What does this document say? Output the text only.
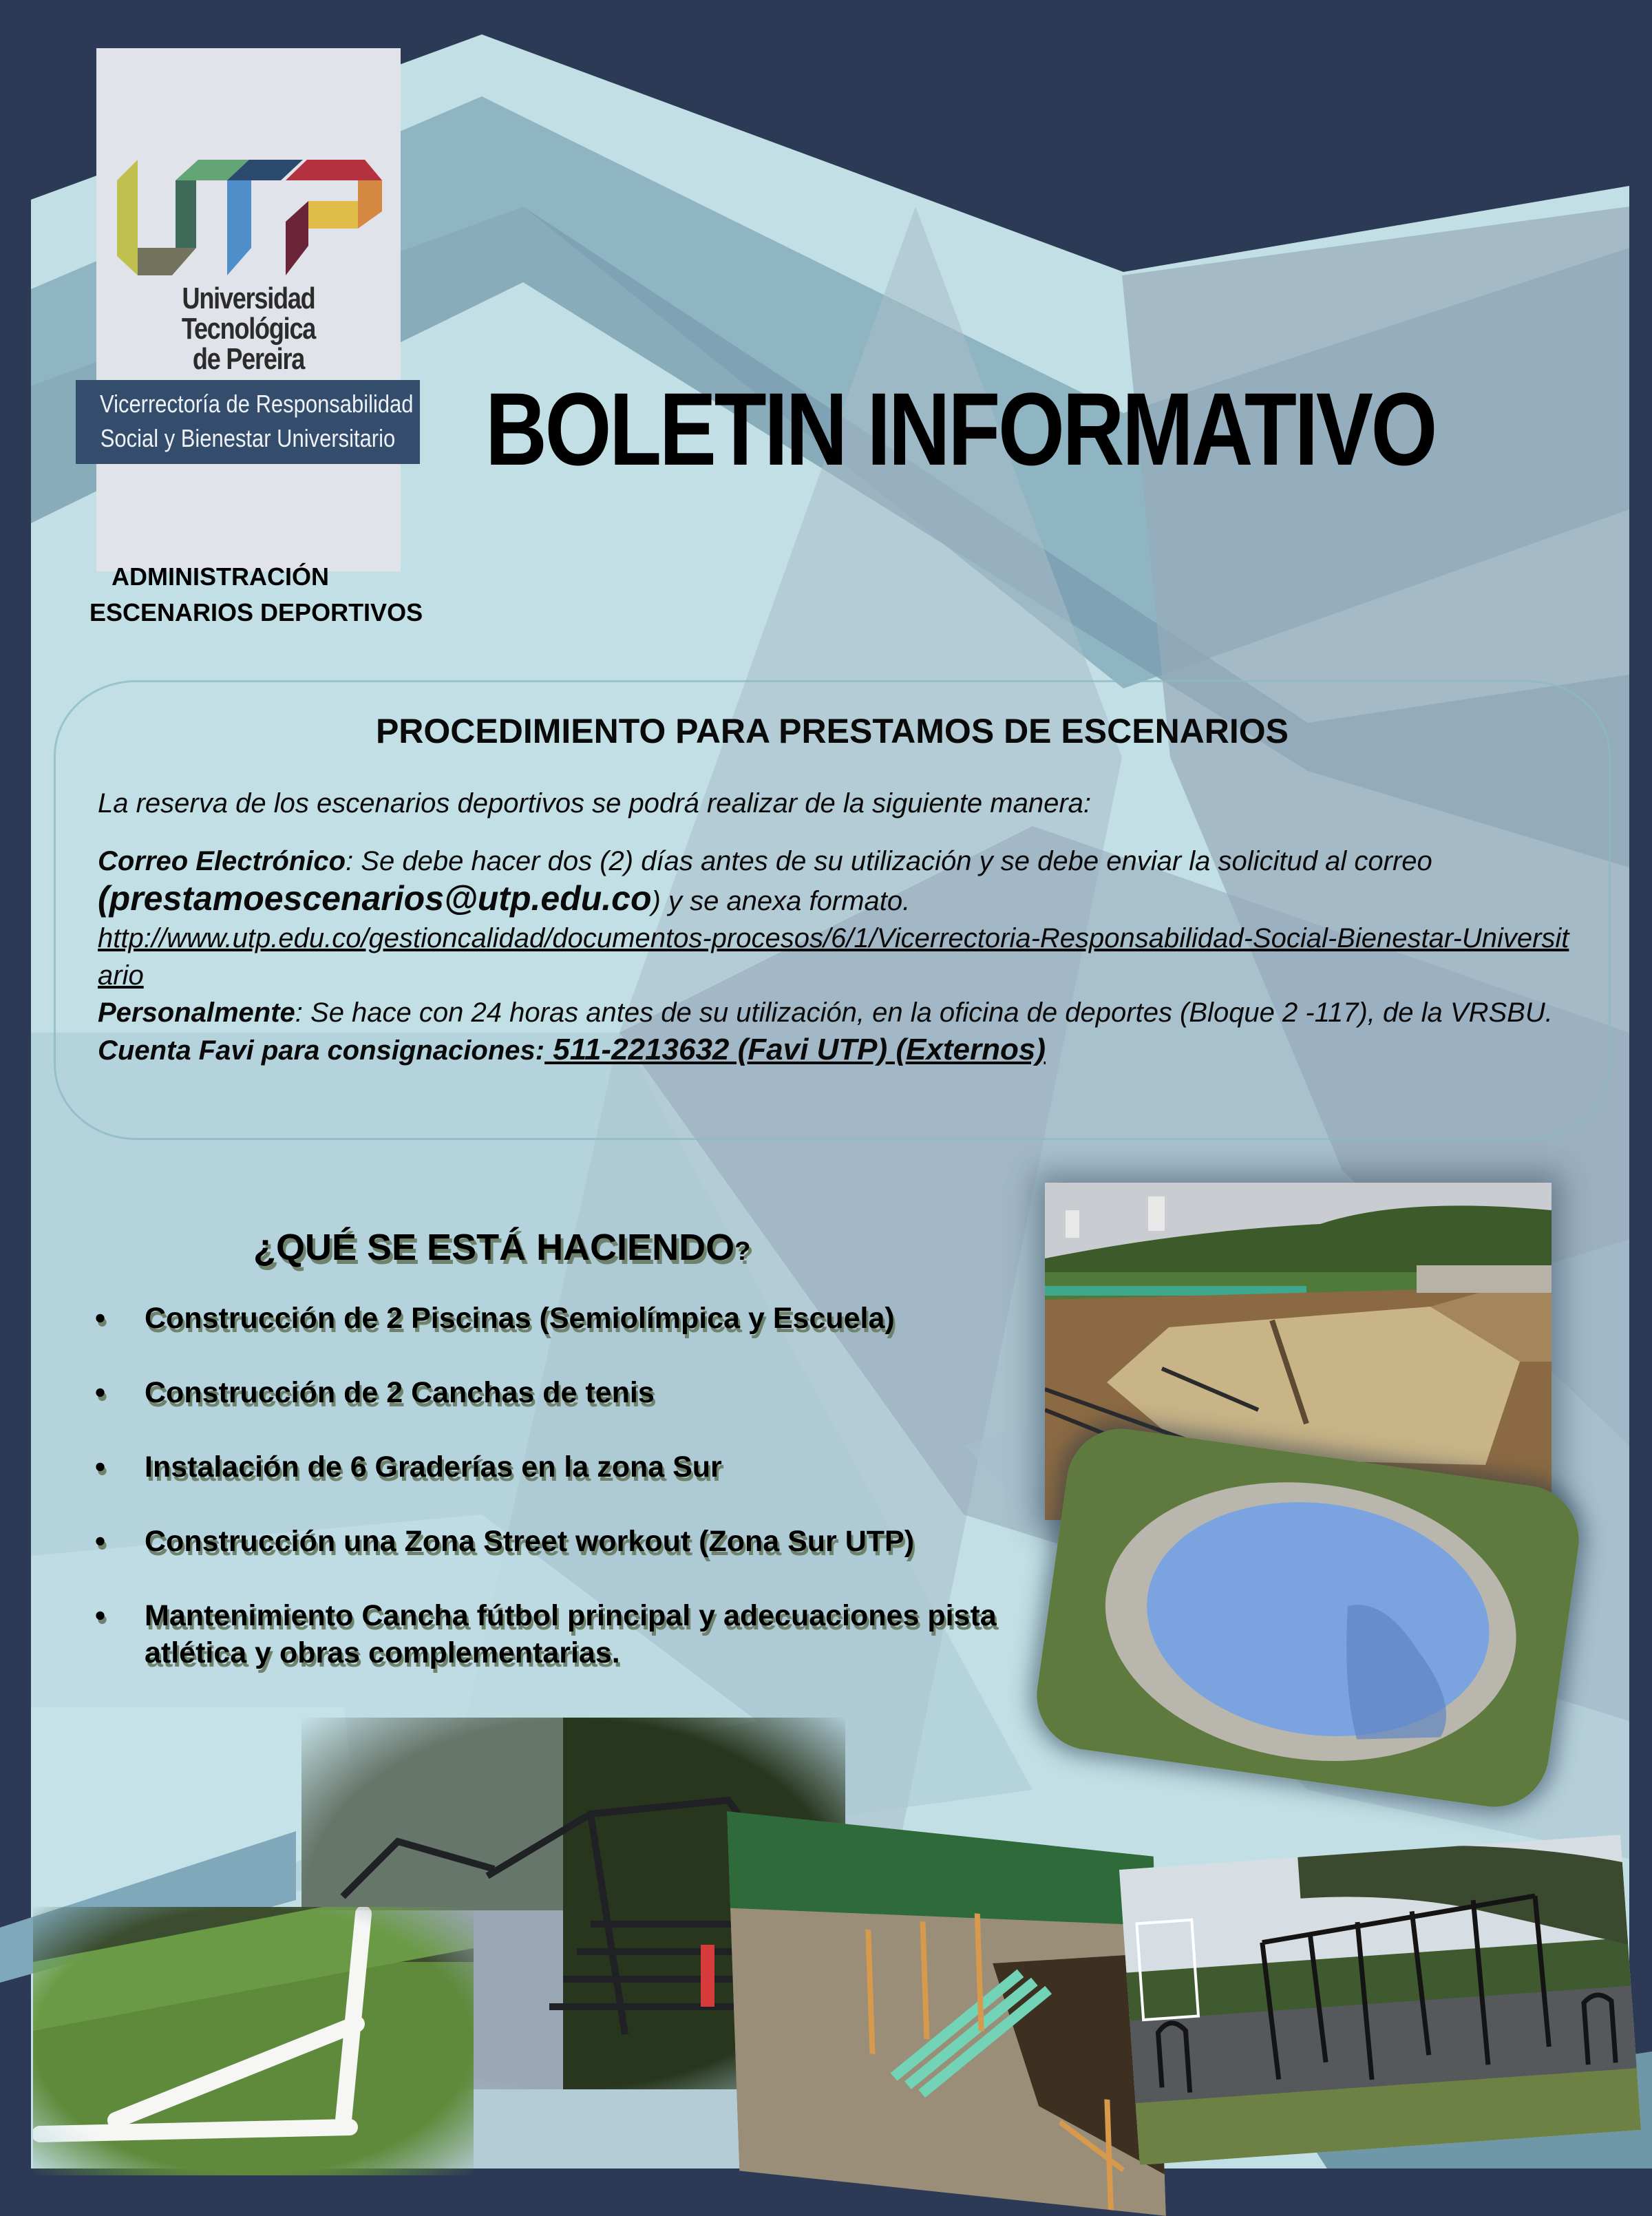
Universidad Tecnológica
de Pereira
Vicerrectoría de Responsabilidad
Social y Bienestar Universitario BOLETIN INFORMATIVO
ADMINISTRACIÓN
ESCENARIOS DEPORTIVOS
PROCEDIMIENTO PARA PRESTAMOS DE ESCENARIOS

La reserva de los escenarios deportivos se podrá realizar de la siguiente manera:

Correo Electrónico: Se debe hacer dos (2) días antes de su utilización y se debe enviar la solicitud al correo (prestamoescenarios@utp.edu.co) y se anexa formato.

http://www.utp.edu.co/gestioncalidad/documentos-procesos/6/1/Vicerrectoria-Responsabilidad-Social-Bienestar-Universitario

Personalmente: Se hace con 24 horas antes de su utilización, en la oficina de deportes (Bloque 2 -117), de la VRSBU.

Cuenta Favi para consignaciones: 511-2213632 (Favi UTP) (Externos)

¿QUÉ SE ESTÁ HACIENDO?
• Construcción de 2 Piscinas (Semiolímpica y Escuela)
• Construcción de 2 Canchas de tenis
• Instalación de 6 Graderías en la zona Sur
• Construcción una Zona Street workout (Zona Sur UTP)
• Mantenimiento Cancha fútbol principal y adecuaciones pista atlética y obras complementarias.
